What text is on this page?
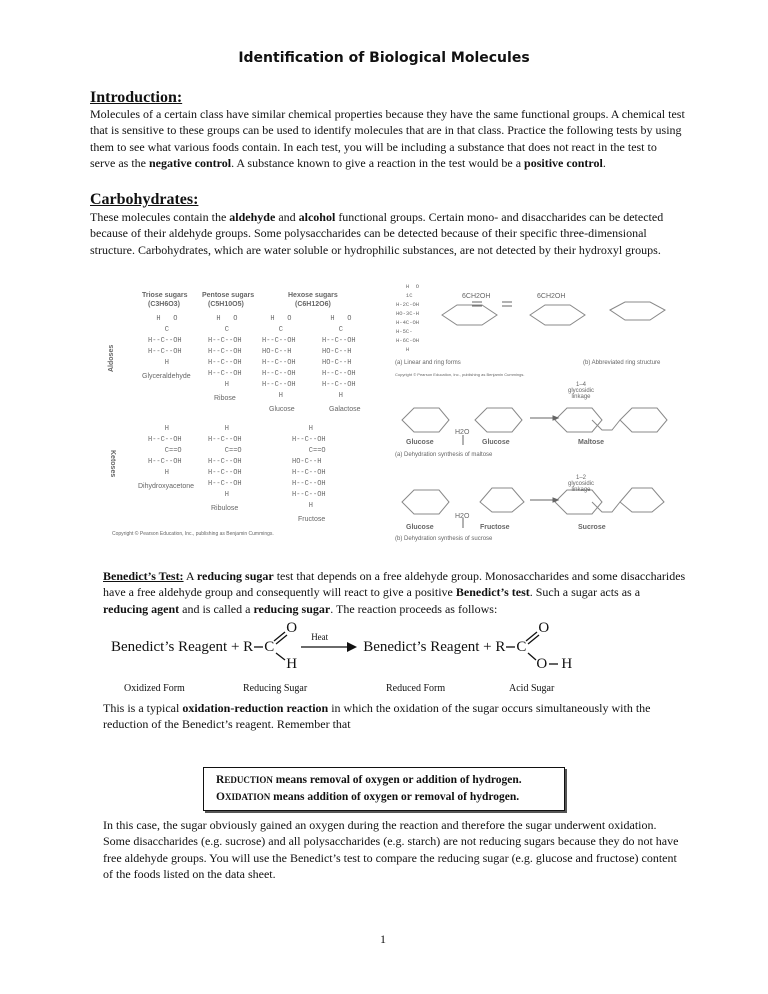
Identification of Biological Molecules
Introduction:
Molecules of a certain class have similar chemical properties because they have the same functional groups. A chemical test that is sensitive to these groups can be used to identify molecules that are in that class. Practice the following tests by using them to see what various foods contain. In each test, you will be including a substance that does not react in the test to serve as the negative control. A substance known to give a reaction in the test would be a positive control.
Carbohydrates:
These molecules contain the aldehyde and alcohol functional groups. Certain mono- and disaccharides can be detected because of their aldehyde groups. Some polysaccharides can be detected because of their specific three-dimensional structure. Carbohydrates, which are water soluble or hydrophilic substances, are not detected by their hydroxyl groups.
Triose sugars
(C3H6O3)
Pentose sugars
(C5H10O5)
Hexose sugars
(C6H12O6)
Aldoses
Ketoses
H   O
C
H--C--OH
H--C--OH
H
H   O
C
H--C--OH
H--C--OH
H--C--OH
H--C--OH
H
H   O
C
H--C--OH
HO-C--H
H--C--OH
H--C--OH
H--C--OH
H
H   O
C
H--C--OH
HO-C--H
HO-C--H
H--C--OH
H--C--OH
H
H
H--C--OH
C==O
H--C--OH
H
H
H--C--OH
C==O
H--C--OH
H--C--OH
H--C--OH
H
H
H--C--OH
C==O
HO-C--H
H--C--OH
H--C--OH
H--C--OH
H
Glyceraldehyde
Ribose
Glucose	Galactose
Dihydroxyacetone
Ribulose
Fructose
Copyright © Pearson Education, Inc., publishing as Benjamin Cummings.
H  O
1C
H-2C-OH
HO-3C-H
H-4C-OH
H-5C-
H-6C-OH
H
6CH2OH	6CH2OH
(a) Linear and ring forms	(b) Abbreviated ring structure
Copyright © Pearson Education, Inc., publishing as Benjamin Cummings.
1–4 glycosidic linkage
Glucose	Glucose	Maltose
H2O
(a) Dehydration synthesis of maltose
1–2 glycosidic linkage
Glucose	Fructose	Sucrose
H2O
(b) Dehydration synthesis of sucrose
Benedict’s Test: A reducing sugar test that depends on a free aldehyde group. Monosaccharides and some disaccharides have a free aldehyde group and consequently will react to give a positive Benedict’s test. Such a sugar acts as a reducing agent and is called a reducing sugar. The reaction proceeds as follows:
Benedict’s Reagent + R C
O
H
Heat
Benedict’s Reagent + R C
O
O H
Oxidized Form	Reducing Sugar	Reduced Form	Acid Sugar
This is a typical oxidation-reduction reaction in which the oxidation of the sugar occurs simultaneously with the reduction of the Benedict’s reagent. Remember that
REDUCTION means removal of oxygen or addition of hydrogen.
OXIDATION means addition of oxygen or removal of hydrogen.
In this case, the sugar obviously gained an oxygen during the reaction and therefore the sugar underwent oxidation.
Some disaccharides (e.g. sucrose) and all polysaccharides (e.g. starch) are not reducing sugars because they do not have free aldehyde groups. You will use the Benedict’s test to compare the reducing sugar (e.g. glucose and fructose) content of the foods listed on the data sheet.
1
